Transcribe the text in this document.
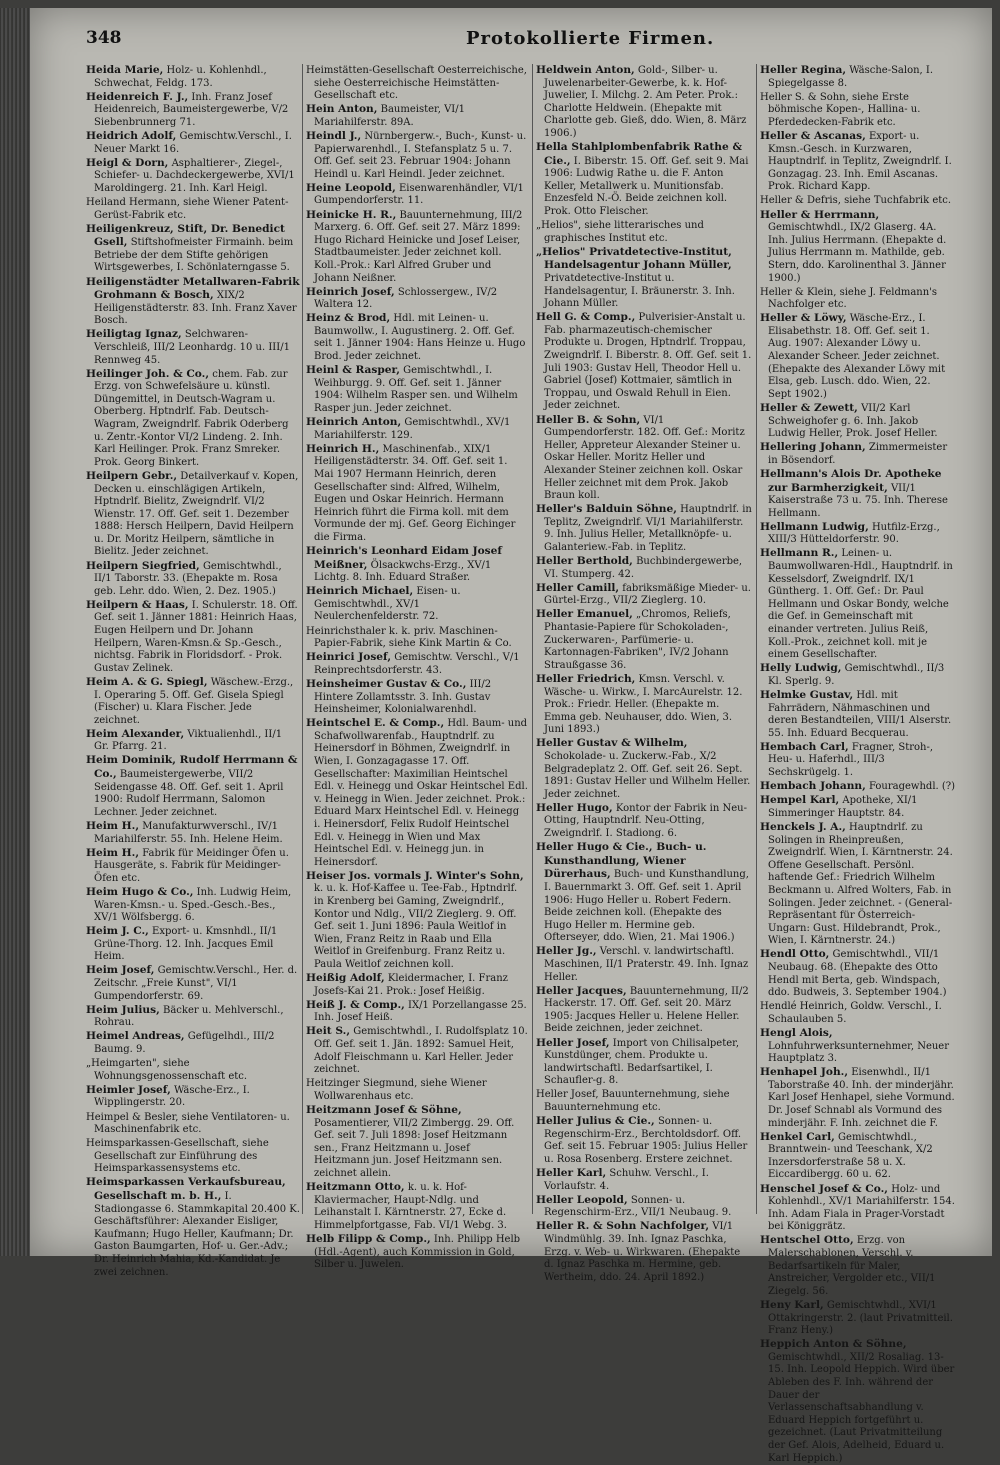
348	Protokollierte Firmen.
Heida Marie, Holz- u. Kohlenhdl., Schwechat, Feldg. 173.
Heidenreich F. J., Inh. Franz Josef Heidenreich, Baumeistergewerbe, V/2 Siebenbrunnerg 71.
Heidrich Adolf, Gemischtw.Verschl., I. Neuer Markt 16.
Heigl & Dorn, Asphaltierer-, Ziegel-, Schiefer- u. Dachdeckergewerbe, XVI/1 Maroldingerg. 21. Inh. Karl Heigl.
Heiland Hermann, siehe Wiener Patent-Gerüst-Fabrik etc.
Heiligenkreuz, Stift, Dr. Benedict Gsell, Stiftshofmeister Firmainh. beim Betriebe der dem Stifte gehörigen Wirtsgewerbes, I. Schönlaterngasse 5.
Heiligenstädter Metallwaren-Fabrik Grohmann & Bosch, XIX/2 Heiligenstädterstr. 83. Inh. Franz Xaver Bosch.
Heiligtag Ignaz, Selchwaren-Verschleiß, III/2 Leonhardg. 10 u. III/1 Rennweg 45.
Heilinger Joh. & Co., chem. Fab. zur Erzg. von Schwefelsäure u. künstl. Düngemittel, in Deutsch-Wagram u. Oberberg. Hptndrlf. Fab. Deutsch-Wagram, Zweigndrlf. Fabrik Oderberg u. Zentr.-Kontor VI/2 Lindeng. 2. Inh. Karl Heilinger. Prok. Franz Smreker. Prok. Georg Binkert.
Heilpern Gebr., Detailverkauf v. Kopen, Decken u. einschlägigen Artikeln, Hptndrlf. Bielitz, Zweigndrlf. VI/2 Wienstr. 17. Off. Gef. seit 1. Dezember 1888: Hersch Heilpern, David Heilpern u. Dr. Moritz Heilpern, sämtliche in Bielitz. Jeder zeichnet.
Heilpern Siegfried, Gemischtwhdl., II/1 Taborstr. 33. (Ehepakte m. Rosa geb. Lehr. ddo. Wien, 2. Dez. 1905.)
Heilpern & Haas, I. Schulerstr. 18. Off. Gef. seit 1. Jänner 1881: Heinrich Haas, Eugen Heilpern und Dr. Johann Heilpern, Waren-Kmsn.& Sp.-Gesch., nichtsg. Fabrik in Floridsdorf. - Prok. Gustav Zelinek.
Heim A. & G. Spiegl, Wäschew.-Erzg., I. Operaring 5. Off. Gef. Gisela Spiegl (Fischer) u. Klara Fischer. Jede zeichnet.
Heim Alexander, Viktualienhdl., II/1 Gr. Pfarrg. 21.
Heim Dominik, Rudolf Herrmann & Co., Baumeistergewerbe, VII/2 Seidengasse 48. Off. Gef. seit 1. April 1900: Rudolf Herrmann, Salomon Lechner. Jeder zeichnet.
Heim H., Manufakturwverschl., IV/1 Mariahilferstr. 55. Inh. Helene Heim.
Heim H., Fabrik für Meidinger Öfen u. Hausgeräte, s. Fabrik für Meidinger-Öfen etc.
Heim Hugo & Co., Inh. Ludwig Heim, Waren-Kmsn.- u. Sped.-Gesch.-Bes., XV/1 Wölfsbergg. 6.
Heim J. C., Export- u. Kmsnhdl., II/1 Grüne-Thorg. 12. Inh. Jacques Emil Heim.
Heim Josef, Gemischtw.Verschl., Her. d. Zeitschr. „Freie Kunst", VI/1 Gumpendorferstr. 69.
Heim Julius, Bäcker u. Mehlverschl., Rohrau.
Heimel Andreas, Gefügelhdl., III/2 Baumg. 9.
„Heimgarten", siehe Wohnungsgenossenschaft etc.
Heimler Josef, Wäsche-Erz., I. Wipplingerstr. 20.
Heimpel & Besler, siehe Ventilatoren- u. Maschinenfabrik etc.
Heimsparkassen-Gesellschaft, siehe Gesellschaft zur Einführung des Heimsparkassensystems etc.
Heimsparkassen Verkaufsbureau, Gesellschaft m. b. H., I. Stadiongasse 6. Stammkapital 20.400 K. Geschäftsführer: Alexander Eisliger, Kaufmann; Hugo Heller, Kaufmann; Dr. Gaston Baumgarten, Hof- u. Ger.-Adv.; Dr. Heinrich Mahia, Kd.-Kandidat. Je zwei zeichnen.
Heimstätten-Gesellschaft Oesterreichische, siehe Oesterreichische Heimstätten-Gesellschaft etc.
Hein Anton, Baumeister, VI/1 Mariahilferstr. 89A.
Heindl J., Nürnbergerw.-, Buch-, Kunst- u. Papierwarenhdl., I. Stefansplatz 5 u. 7. Off. Gef. seit 23. Februar 1904: Johann Heindl u. Karl Heindl. Jeder zeichnet.
Heine Leopold, Eisenwarenhändler, VI/1 Gumpendorferstr. 11.
Heinicke H. R., Bauunternehmung, III/2 Marxerg. 6. Off. Gef. seit 27. März 1899: Hugo Richard Heinicke und Josef Leiser, Stadtbaumeister. Jeder zeichnet koll. Koll.-Prok.: Karl Alfred Gruber und Johann Neißner.
Heinrich Josef, Schlossergew., IV/2 Waltera 12.
Heinz & Brod, Hdl. mit Leinen- u. Baumwollw., I. Augustinerg. 2. Off. Gef. seit 1. Jänner 1904: Hans Heinze u. Hugo Brod. Jeder zeichnet.
Heinl & Rasper, Gemischtwhdl., I. Weihburgg. 9. Off. Gef. seit 1. Jänner 1904: Wilhelm Rasper sen. und Wilhelm Rasper jun. Jeder zeichnet.
Heinrich Anton, Gemischtwhdl., XV/1 Mariahilferstr. 129.
Heinrich H., Maschinenfab., XIX/1 Heiligenstädterstr. 34. Off. Gef. seit 1. Mai 1907 Hermann Heinrich, deren Gesellschafter sind: Alfred, Wilhelm, Eugen und Oskar Heinrich. Hermann Heinrich führt die Firma koll. mit dem Vormunde der mj. Gef. Georg Eichinger die Firma.
Heinrich's Leonhard Eidam Josef Meißner, Ölsackwchs-Erzg., XV/1 Lichtg. 8. Inh. Eduard Straßer.
Heinrich Michael, Eisen- u. Gemischtwhdl., XV/1 Neulerchenfelderstr. 72.
Heinrichsthaler k. k. priv. Maschinen-Papier-Fabrik, siehe Kink Martin & Co.
Heinrici Josef, Gemischtw. Verschl., V/1 Reinprechtsdorferstr. 43.
Heinsheimer Gustav & Co., III/2 Hintere Zollamtsstr. 3. Inh. Gustav Heinsheimer, Kolonialwarenhdl.
Heintschel E. & Comp., Hdl. Baum- und Schafwollwarenfab., Hauptndrlf. zu Heinersdorf in Böhmen, Zweigndrlf. in Wien, I. Gonzagagasse 17. Off. Gesellschafter: Maximilian Heintschel Edl. v. Heinegg und Oskar Heintschel Edl. v. Heinegg in Wien. Jeder zeichnet. Prok.: Eduard Marx Heintschel Edl. v. Heinegg i. Heinersdorf, Felix Rudolf Heintschel Edl. v. Heinegg in Wien und Max Heintschel Edl. v. Heinegg jun. in Heinersdorf.
Heiser Jos. vormals J. Winter's Sohn, k. u. k. Hof-Kaffee u. Tee-Fab., Hptndrlf. in Krenberg bei Gaming, Zweigndrlf., Kontor und Ndlg., VII/2 Zieglerg. 9. Off. Gef. seit 1. Juni 1896: Paula Weitlof in Wien, Franz Reitz in Raab und Ella Weitlof in Greifenburg. Franz Reitz u. Paula Weitlof zeichnen koll.
Heißig Adolf, Kleidermacher, I. Franz Josefs-Kai 21. Prok.: Josef Heißig.
Heiß J. & Comp., IX/1 Porzellangasse 25. Inh. Josef Heiß.
Heit S., Gemischtwhdl., I. Rudolfsplatz 10. Off. Gef. seit 1. Jän. 1892: Samuel Heit, Adolf Fleischmann u. Karl Heller. Jeder zeichnet.
Heitzinger Siegmund, siehe Wiener Wollwarenhaus etc.
Heitzmann Josef & Söhne, Posamentierer, VII/2 Zimbergg. 29. Off. Gef. seit 7. Juli 1898: Josef Heitzmann sen., Franz Heitzmann u. Josef Heitzmann jun. Josef Heitzmann sen. zeichnet allein.
Heitzmann Otto, k. u. k. Hof-Klaviermacher, Haupt-Ndlg. und Leihanstalt I. Kärntnerstr. 27, Ecke d. Himmelpfortgasse, Fab. VI/1 Webg. 3.
Helb Filipp & Comp., Inh. Philipp Helb (Hdl.-Agent), auch Kommission in Gold, Silber u. Juwelen.
Heldwein Anton, Gold-, Silber- u. Juwelenarbeiter-Gewerbe, k. k. Hof-Juwelier, I. Milchg. 2. Am Peter. Prok.: Charlotte Heldwein. (Ehepakte mit Charlotte geb. Gieß, ddo. Wien, 8. März 1906.)
Hella Stahlplombenfabrik Rathe & Cie., I. Biberstr. 15. Off. Gef. seit 9. Mai 1906: Ludwig Rathe u. die F. Anton Keller, Metallwerk u. Munitionsfab. Enzesfeld N.-Ö. Beide zeichnen koll. Prok. Otto Fleischer.
„Helios", siehe litterarisches und graphisches Institut etc.
„Helios" Privatdetective-Institut, Handelsagentur Johann Müller, Privatdetective-Institut u. Handelsagentur, I. Bräunerstr. 3. Inh. Johann Müller.
Hell G. & Comp., Pulverisier-Anstalt u. Fab. pharmazeutisch-chemischer Produkte u. Drogen, Hptndrlf. Troppau, Zweigndrlf. I. Biberstr. 8. Off. Gef. seit 1. Juli 1903: Gustav Hell, Theodor Hell u. Gabriel (Josef) Kottmaier, sämtlich in Troppau, und Oswald Rehull in Eien. Jeder zeichnet.
Heller B. & Sohn, VI/1 Gumpendorferstr. 182. Off. Gef.: Moritz Heller, Appreteur Alexander Steiner u. Oskar Heller. Moritz Heller und Alexander Steiner zeichnen koll. Oskar Heller zeichnet mit dem Prok. Jakob Braun koll.
Heller's Balduin Söhne, Hauptndrlf. in Teplitz, Zweigndrlf. VI/1 Mariahilferstr. 9. Inh. Julius Heller, Metallknöpfe- u. Galanteriew.-Fab. in Teplitz.
Heller Berthold, Buchbindergewerbe, VI. Stumperg. 42.
Heller Camill, fabriksmäßige Mieder- u. Gürtel-Erzg., VII/2 Zieglerg. 10.
Heller Emanuel, „Chromos, Reliefs, Phantasie-Papiere für Schokoladen-, Zuckerwaren-, Parfümerie- u. Kartonnagen-Fabriken", IV/2 Johann Straußgasse 36.
Heller Friedrich, Kmsn. Verschl. v. Wäsche- u. Wirkw., I. MarcAurelstr. 12. Prok.: Friedr. Heller. (Ehepakte m. Emma geb. Neuhauser, ddo. Wien, 3. Juni 1893.)
Heller Gustav & Wilhelm, Schokolade- u. Zuckerw.-Fab., X/2 Belgradeplatz 2. Off. Gef. seit 26. Sept. 1891: Gustav Heller und Wilhelm Heller. Jeder zeichnet.
Heller Hugo, Kontor der Fabrik in Neu-Otting, Hauptndrlf. Neu-Otting, Zweigndrlf. I. Stadiong. 6.
Heller Hugo & Cie., Buch- u. Kunsthandlung, Wiener Dürerhaus, Buch- und Kunsthandlung, I. Bauernmarkt 3. Off. Gef. seit 1. April 1906: Hugo Heller u. Robert Federn. Beide zeichnen koll. (Ehepakte des Hugo Heller m. Hermine geb. Ofterseyer, ddo. Wien, 21. Mai 1906.)
Heller Jg., Verschl. v. landwirtschaftl. Maschinen, II/1 Praterstr. 49. Inh. Ignaz Heller.
Heller Jacques, Bauunternehmung, II/2 Hackerstr. 17. Off. Gef. seit 20. März 1905: Jacques Heller u. Helene Heller. Beide zeichnen, jeder zeichnet.
Heller Josef, Import von Chilisalpeter, Kunstdünger, chem. Produkte u. landwirtschaftl. Bedarfsartikel, I. Schaufler-g. 8.
Heller Josef, Bauunternehmung, siehe Bauunternehmung etc.
Heller Julius & Cie., Sonnen- u. Regenschirm-Erz., Berchtoldsdorf. Off. Gef. seit 15. Februar 1905: Julius Heller u. Rosa Rosenberg. Erstere zeichnet.
Heller Karl, Schuhw. Verschl., I. Vorlaufstr. 4.
Heller Leopold, Sonnen- u. Regenschirm-Erz., VII/1 Neubaug. 9.
Heller R. & Sohn Nachfolger, VI/1 Windmühlg. 39. Inh. Ignaz Paschka, Erzg. v. Web- u. Wirkwaren. (Ehepakte d. Ignaz Paschka m. Hermine, geb. Wertheim, ddo. 24. April 1892.)
Heller Regina, Wäsche-Salon, I. Spiegelgasse 8.
Heller S. & Sohn, siehe Erste böhmische Kopen-, Hallina- u. Pferdedecken-Fabrik etc.
Heller & Ascanas, Export- u. Kmsn.-Gesch. in Kurzwaren, Hauptndrlf. in Teplitz, Zweigndrlf. I. Gonzagag. 23. Inh. Emil Ascanas. Prok. Richard Kapp.
Heller & Defris, siehe Tuchfabrik etc.
Heller & Herrmann, Gemischtwhdl., IX/2 Glaserg. 4A. Inh. Julius Herrmann. (Ehepakte d. Julius Herrmann m. Mathilde, geb. Stern, ddo. Karolinenthal 3. Jänner 1900.)
Heller & Klein, siehe J. Feldmann's Nachfolger etc.
Heller & Löwy, Wäsche-Erz., I. Elisabethstr. 18. Off. Gef. seit 1. Aug. 1907: Alexander Löwy u. Alexander Scheer. Jeder zeichnet. (Ehepakte des Alexander Löwy mit Elsa, geb. Lusch. ddo. Wien, 22. Sept 1902.)
Heller & Zewett, VII/2 Karl Schweighofer g. 6. Inh. Jakob Ludwig Heller, Prok. Josef Heller.
Hellering Johann, Zimmermeister in Bösendorf.
Hellmann's Alois Dr. Apotheke zur Barmherzigkeit, VII/1 Kaiserstraße 73 u. 75. Inh. Therese Hellmann.
Hellmann Ludwig, Hutfilz-Erzg., XIII/3 Hütteldorferstr. 90.
Hellmann R., Leinen- u. Baumwollwaren-Hdl., Hauptndrlf. in Kesselsdorf, Zweigndrlf. IX/1 Güntherg. 1. Off. Gef.: Dr. Paul Hellmann und Oskar Bondy, welche die Gef. in Gemeinschaft mit einander vertreten. Julius Reiß, Koll.-Prok., zeichnet koll. mit je einem Gesellschafter.
Helly Ludwig, Gemischtwhdl., II/3 Kl. Sperlg. 9.
Helmke Gustav, Hdl. mit Fahrrädern, Nähmaschinen und deren Bestandteilen, VIII/1 Alserstr. 55. Inh. Eduard Becquerau.
Hembach Carl, Fragner, Stroh-, Heu- u. Haferhdl., III/3 Sechskrügelg. 1.
Hembach Johann, Fouragewhdl. (?)
Hempel Karl, Apotheke, XI/1 Simmeringer Hauptstr. 84.
Henckels J. A., Hauptndrlf. zu Solingen in Rheinpreußen, Zweigndrlf. Wien, I. Kärntnerstr. 24. Offene Gesellschaft. Persönl. haftende Gef.: Friedrich Wilhelm Beckmann u. Alfred Wolters, Fab. in Solingen. Jeder zeichnet. - (General-Repräsentant für Österreich-Ungarn: Gust. Hildebrandt, Prok., Wien, I. Kärntnerstr. 24.)
Hendl Otto, Gemischtwhdl., VII/1 Neubaug. 68. (Ehepakte des Otto Hendl mit Berta, geb. Windspach, ddo. Budweis, 3. September 1904.)
Hendlé Heinrich, Goldw. Verschl., I. Schaulauben 5.
Hengl Alois, Lohnfuhrwerksunternehmer, Neuer Hauptplatz 3.
Henhapel Joh., Eisenwhdl., II/1 Taborstraße 40. Inh. der minderjähr. Karl Josef Henhapel, siehe Vormund. Dr. Josef Schnabl als Vormund des minderjähr. F. Inh. zeichnet die F.
Henkel Carl, Gemischtwhdl., Branntwein- und Teeschank, X/2 Inzersdorferstraße 58 u. X. Eiccardibergg. 60 u. 62.
Henschel Josef & Co., Holz- und Kohlenhdl., XV/1 Mariahilferstr. 154. Inh. Adam Fiala in Prager-Vorstadt bei Königgrätz.
Hentschel Otto, Erzg. von Malerschablonen, Verschl. v. Bedarfsartikeln für Maler, Anstreicher, Vergolder etc., VII/1 Ziegelg. 56.
Heny Karl, Gemischtwhdl., XVI/1 Ottakringerstr. 2. (laut Privatmitteil. Franz Heny.)
Heppich Anton & Söhne, Gemischtwhdl., XII/2 Rosaliag. 13-15. Inh. Leopold Heppich. Wird über Ableben des F. Inh. während der Dauer der Verlassenschaftsabhandlung v. Eduard Heppich fortgeführt u. gezeichnet. (Laut Privatmitteilung der Gef. Alois, Adelheid, Eduard u. Karl Heppich.)
